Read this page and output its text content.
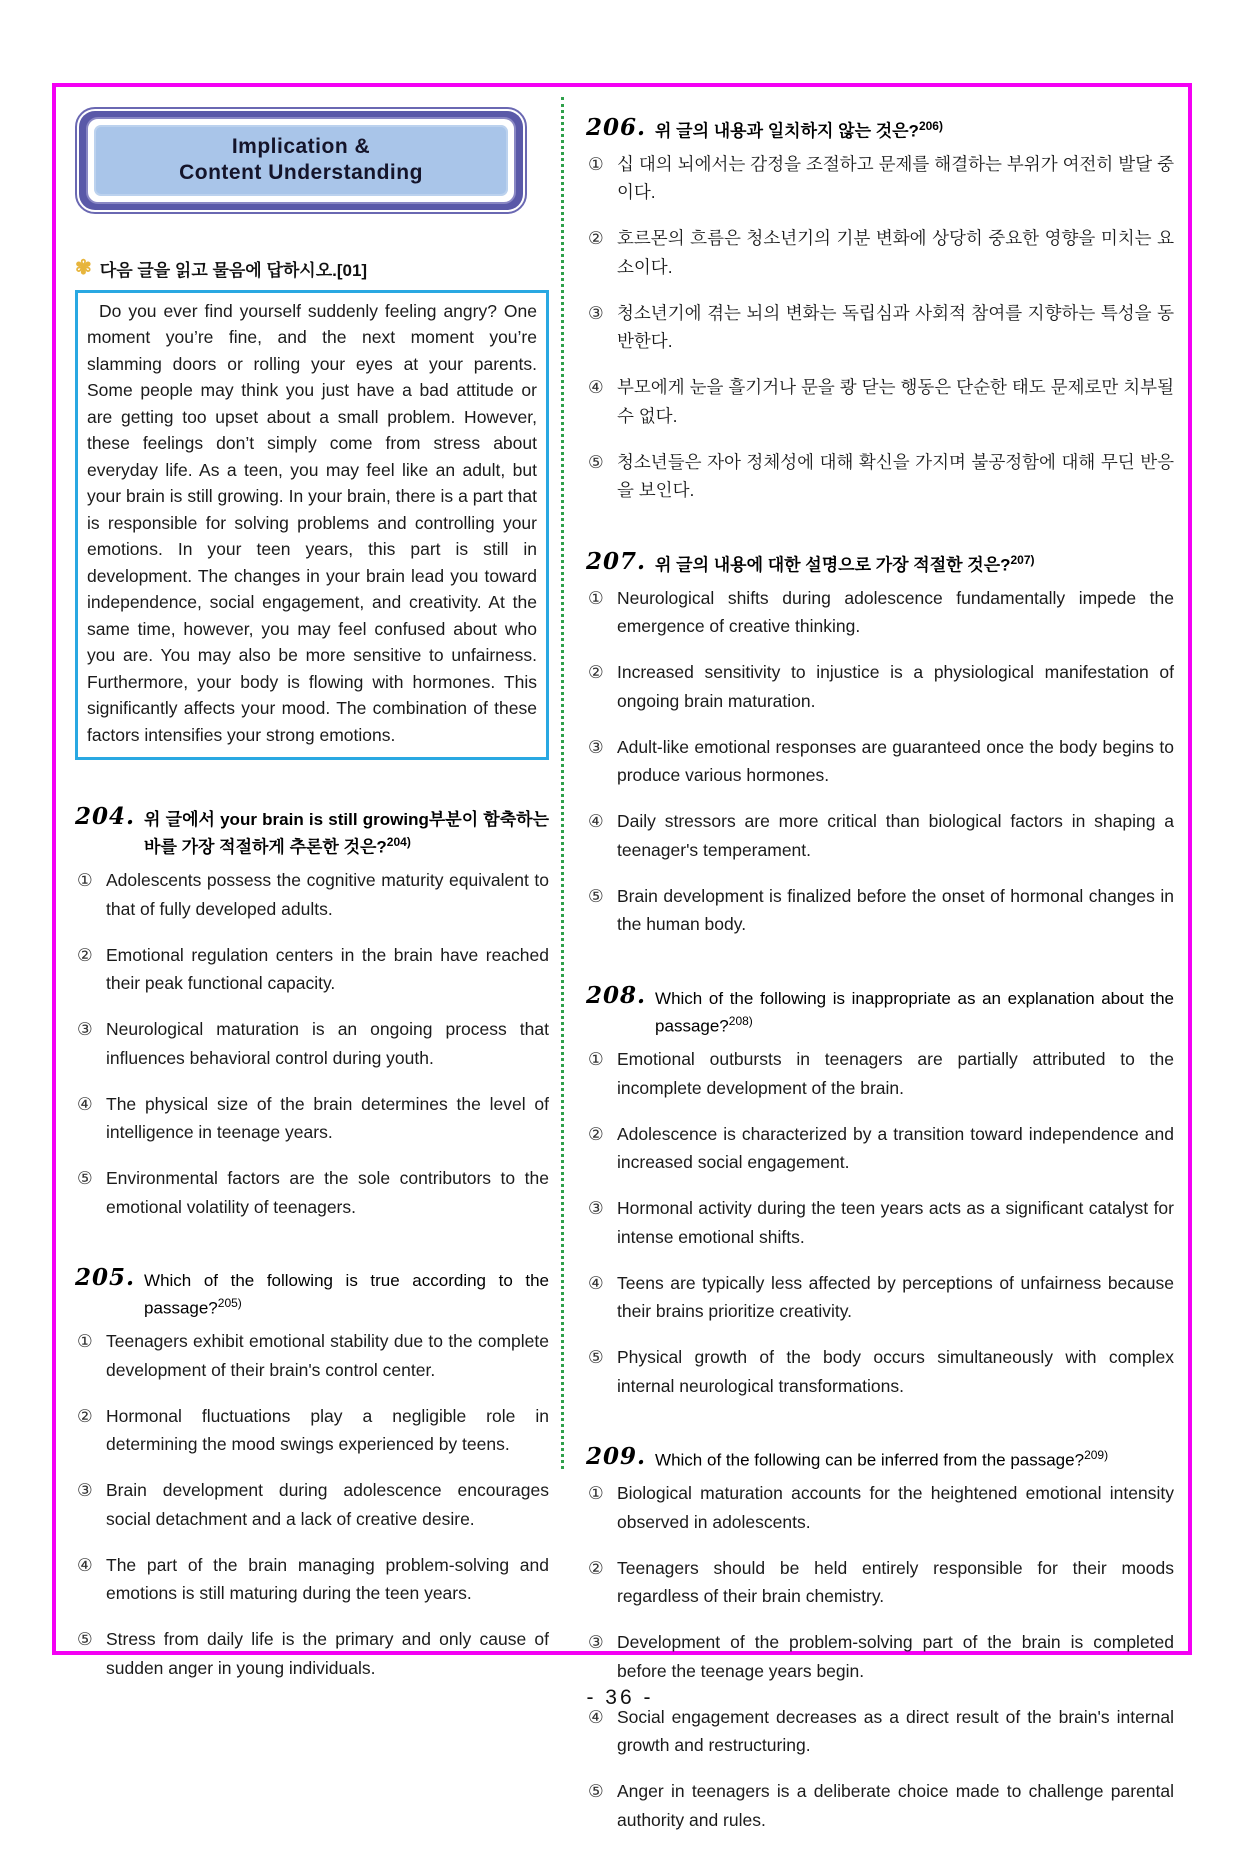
Implication &
Content Understanding
✾ 다음 글을 읽고 물음에 답하시오.[01]
Do you ever find yourself suddenly feeling angry? One moment you’re fine, and the next moment you’re slamming doors or rolling your eyes at your parents. Some people may think you just have a bad attitude or are getting too upset about a small problem. However, these feelings don’t simply come from stress about everyday life. As a teen, you may feel like an adult, but your brain is still growing. In your brain, there is a part that is responsible for solving problems and controlling your emotions. In your teen years, this part is still in development. The changes in your brain lead you toward independence, social engagement, and creativity. At the same time, however, you may feel confused about who you are. You may also be more sensitive to unfairness. Furthermore, your body is flowing with hormones. This significantly affects your mood. The combination of these factors intensifies your strong emotions.
204. 위 글에서 your brain is still growing부분이 함축하는 바를 가장 적절하게 추론한 것은?$^{204)}$

① Adolescents possess the cognitive maturity equivalent to that of fully developed adults.

② Emotional regulation centers in the brain have reached their peak functional capacity.

③ Neurological maturation is an ongoing process that influences behavioral control during youth.

④ The physical size of the brain determines the level of intelligence in teenage years.

⑤ Environmental factors are the sole contributors to the emotional volatility of teenagers.

205. Which of the following is true according to the passage?$^{205)}$

① Teenagers exhibit emotional stability due to the complete development of their brain's control center.

② Hormonal fluctuations play a negligible role in determining the mood swings experienced by teens.

③ Brain development during adolescence encourages social detachment and a lack of creative desire.

④ The part of the brain managing problem-solving and emotions is still maturing during the teen years.

⑤ Stress from daily life is the primary and only cause of sudden anger in young individuals.

206. 위 글의 내용과 일치하지 않는 것은?$^{206)}$

① 십 대의 뇌에서는 감정을 조절하고 문제를 해결하는 부위가 여전히 발달 중이다.

② 호르몬의 흐름은 청소년기의 기분 변화에 상당히 중요한 영향을 미치는 요소이다.

③ 청소년기에 겪는 뇌의 변화는 독립심과 사회적 참여를 지향하는 특성을 동반한다.

④ 부모에게 눈을 흘기거나 문을 쾅 닫는 행동은 단순한 태도 문제로만 치부될 수 없다.

⑤ 청소년들은 자아 정체성에 대해 확신을 가지며 불공정함에 대해 무딘 반응을 보인다.

207. 위 글의 내용에 대한 설명으로 가장 적절한 것은?$^{207)}$

① Neurological shifts during adolescence fundamentally impede the emergence of creative thinking.

② Increased sensitivity to injustice is a physiological manifestation of ongoing brain maturation.

③ Adult-like emotional responses are guaranteed once the body begins to produce various hormones.

④ Daily stressors are more critical than biological factors in shaping a teenager's temperament.

⑤ Brain development is finalized before the onset of hormonal changes in the human body.

208. Which of the following is inappropriate as an explanation about the passage?$^{208)}$

① Emotional outbursts in teenagers are partially attributed to the incomplete development of the brain.

② Adolescence is characterized by a transition toward independence and increased social engagement.

③ Hormonal activity during the teen years acts as a significant catalyst for intense emotional shifts.

④ Teens are typically less affected by perceptions of unfairness because their brains prioritize creativity.

⑤ Physical growth of the body occurs simultaneously with complex internal neurological transformations.

209. Which of the following can be inferred from the passage?$^{209)}$

① Biological maturation accounts for the heightened emotional intensity observed in adolescents.

② Teenagers should be held entirely responsible for their moods regardless of their brain chemistry.

③ Development of the problem-solving part of the brain is completed before the teenage years begin.

④ Social engagement decreases as a direct result of the brain's internal growth and restructuring.

⑤ Anger in teenagers is a deliberate choice made to challenge parental authority and rules.

- 36 -
